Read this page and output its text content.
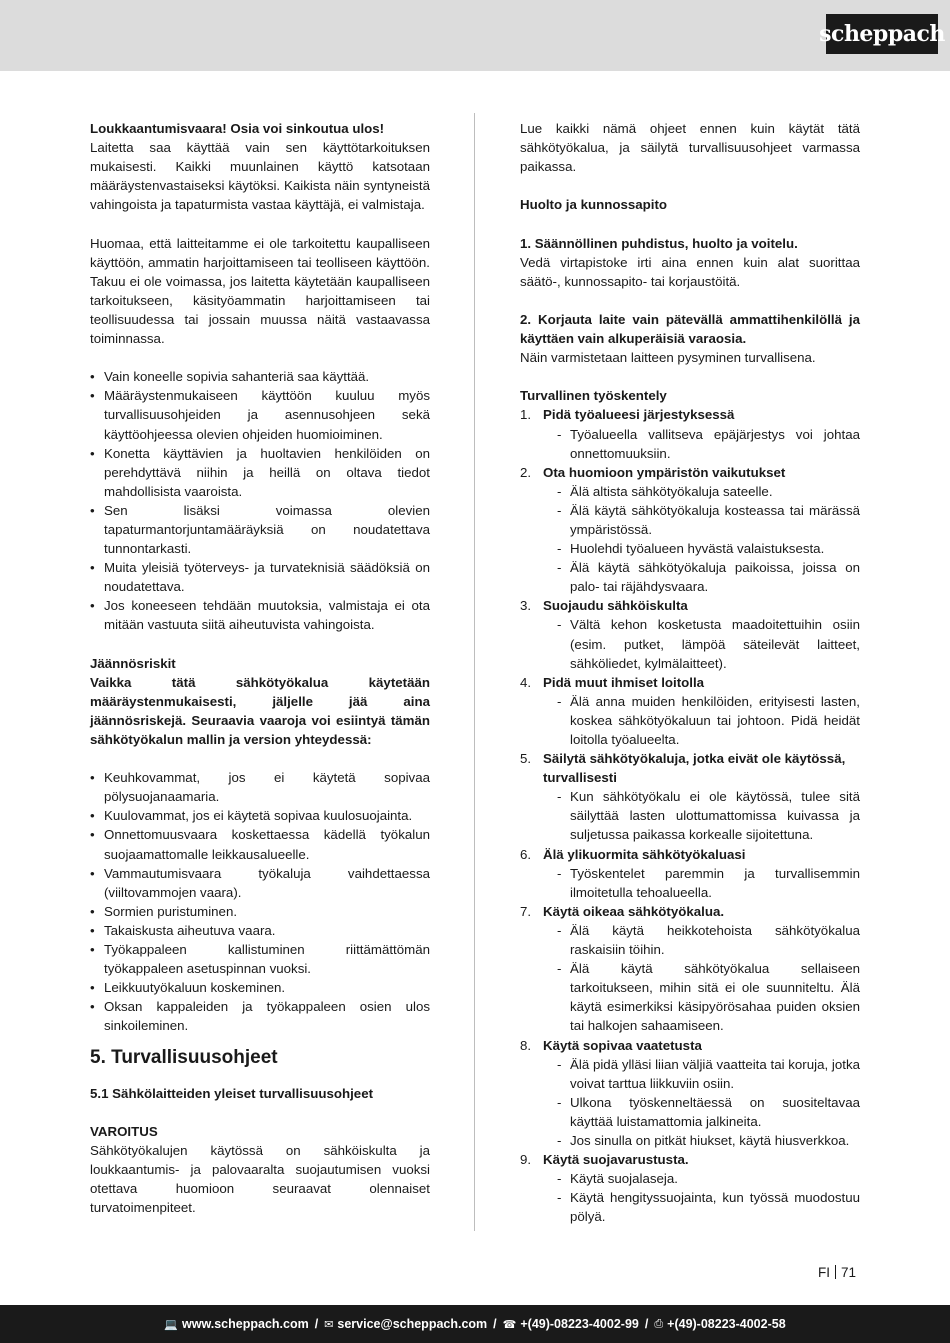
scheppach

Loukkaantumisvaara! Osia voi sinkoutua ulos!

Laitetta saa käyttää vain sen käyttötarkoituksen mukaisesti. Kaikki muunlainen käyttö katsotaan määräystenvastaiseksi käytöksi. Kaikista näin syntyneistä vahingoista ja tapaturmista vastaa käyttäjä, ei valmistaja.

Huomaa, että laitteitamme ei ole tarkoitettu kaupalliseen käyttöön, ammatin harjoittamiseen tai teolliseen käyttöön. Takuu ei ole voimassa, jos laitetta käytetään kaupalliseen tarkoitukseen, käsityöammatin harjoittamiseen tai teollisuudessa tai jossain muussa näitä vastaavassa toiminnassa.

• Vain koneelle sopivia sahanteriä saa käyttää.
• Määräystenmukaiseen käyttöön kuuluu myös turvallisuusohjeiden ja asennusohjeen sekä käyttöohjeessa olevien ohjeiden huomioiminen.
• Konetta käyttävien ja huoltavien henkilöiden on perehdyttävä niihin ja heillä on oltava tiedot mahdollisista vaaroista.
• Sen lisäksi voimassa olevien tapaturmantorjuntamääräyksiä on noudatettava tunnontarkasti.
• Muita yleisiä työterveys- ja turvateknisiä säädöksiä on noudatettava.
• Jos koneeseen tehdään muutoksia, valmistaja ei ota mitään vastuuta siitä aiheutuvista vahingoista.

Jäännösriskit

Vaikka tätä sähkötyökalua käytetään määräystenmukaisesti, jäljelle jää aina jäännösriskejä. Seuraavia vaaroja voi esiintyä tämän sähkötyökalun mallin ja version yhteydessä:

• Keuhkovammat, jos ei käytetä sopivaa pölysuojanaamaria.
• Kuulovammat, jos ei käytetä sopivaa kuulosuojainta.
• Onnettomuusvaara koskettaessa kädellä työkalun suojaamattomalle leikkausalueelle.
• Vammautumisvaara työkaluja vaihdettaessa (viiltovammojen vaara).
• Sormien puristuminen.
• Takaiskusta aiheutuva vaara.
• Työkappaleen kallistuminen riittämättömän työkappaleen asetuspinnan vuoksi.
• Leikkuutyökaluun koskeminen.
• Oksan kappaleiden ja työkappaleen osien ulos sinkoileminen.
5. Turvallisuusohjeet

5.1 Sähkölaitteiden yleiset turvallisuusohjeet

VAROITUS

Sähkötyökalujen käytössä on sähköiskulta ja loukkaantumis- ja palovaaralta suojautumisen vuoksi otettava huomioon seuraavat olennaiset turvatoimenpiteet.

Lue kaikki nämä ohjeet ennen kuin käytät tätä sähkötyökalua, ja säilytä turvallisuusohjeet varmassa paikassa.

Huolto ja kunnossapito

1. Säännöllinen puhdistus, huolto ja voitelu.

Vedä virtapistoke irti aina ennen kuin alat suorittaa säätö-, kunnossapito- tai korjaustöitä.

2. Korjauta laite vain pätevällä ammattihenkilöllä ja käyttäen vain alkuperäisiä varaosia.

Näin varmistetaan laitteen pysyminen turvallisena.

Turvallinen työskentely

1. Pidä työalueesi järjestyksessä
- Työalueella vallitseva epäjärjestys voi johtaa onnettomuuksiin.
2. Ota huomioon ympäristön vaikutukset
- Älä altista sähkötyökaluja sateelle.
- Älä käytä sähkötyökaluja kosteassa tai märässä ympäristössä.
- Huolehdi työalueen hyvästä valaistuksesta.
- Älä käytä sähkötyökaluja paikoissa, joissa on palo- tai räjähdysvaara.
3. Suojaudu sähköiskulta
- Vältä kehon kosketusta maadoitettuihin osiin (esim. putket, lämpöä säteilevät laitteet, sähköliedet, kylmälaitteet).
4. Pidä muut ihmiset loitolla
- Älä anna muiden henkilöiden, erityisesti lasten, koskea sähkötyökaluun tai johtoon. Pidä heidät loitolla työalueelta.
5. Säilytä sähkötyökaluja, jotka eivät ole käytössä, turvallisesti
- Kun sähkötyökalu ei ole käytössä, tulee sitä säilyttää lasten ulottumattomissa kuivassa ja suljetussa paikassa korkealle sijoitettuna.
6. Älä ylikuormita sähkötyökaluasi
- Työskentelet paremmin ja turvallisemmin ilmoitetulla tehoalueella.
7. Käytä oikeaa sähkötyökalua.
- Älä käytä heikkotehoista sähkötyökalua raskaisiin töihin.
- Älä käytä sähkötyökalua sellaiseen tarkoitukseen, mihin sitä ei ole suunniteltu. Älä käytä esimerkiksi käsipyörösahaa puiden oksien tai halkojen sahaamiseen.
8. Käytä sopivaa vaatetusta
- Älä pidä ylläsi liian väljiä vaatteita tai koruja, jotka voivat tarttua liikkuviin osiin.
- Ulkona työskenneltäessä on suositeltavaa käyttää luistamattomia jalkineita.
- Jos sinulla on pitkät hiukset, käytä hiusverkkoa.
9. Käytä suojavarustusta.
- Käytä suojalaseja.
- Käytä hengityssuojainta, kun työssä muodostuu pölyä.
FI 71
💻 www.scheppach.com / ✉ service@scheppach.com / ☎ +(49)-08223-4002-99 / ⎙ +(49)-08223-4002-58
